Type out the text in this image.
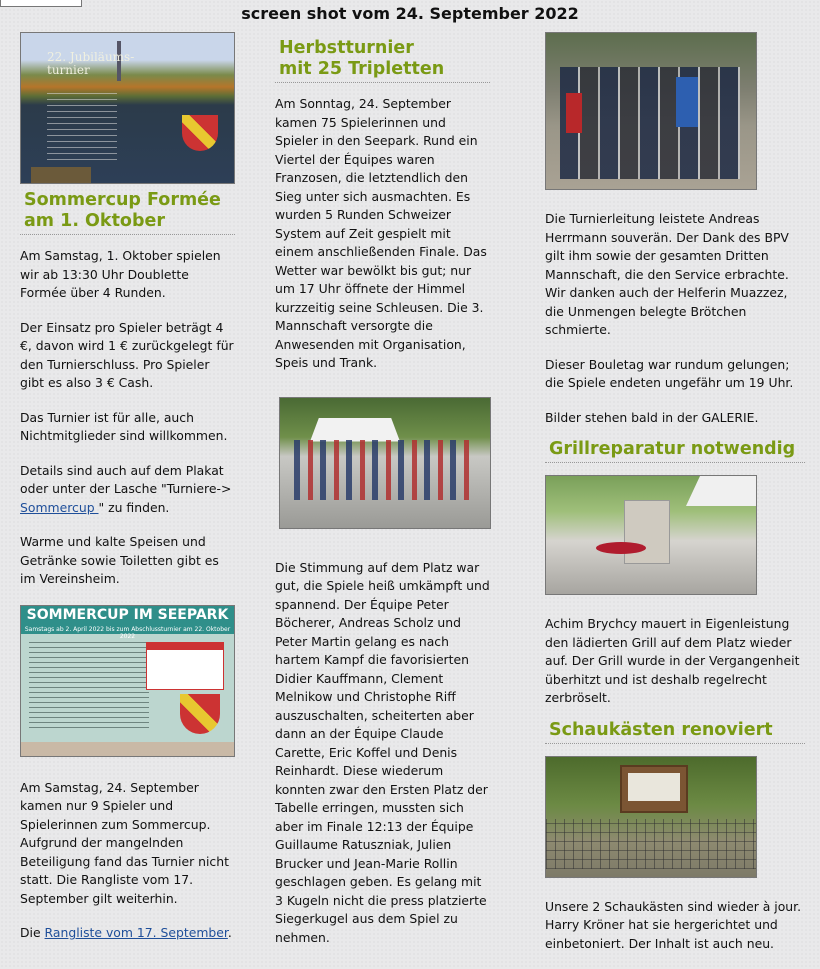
screen shot vom 24. September 2022
22. Jubiläums-
turnier
Sommercup Formée
am 1. Oktober

Am Samstag, 1. Oktober spielen wir ab 13:30 Uhr Doublette Formée über 4 Runden.

Der Einsatz pro Spieler beträgt 4 €, davon wird 1 € zurückgelegt für den Turnierschluss. Pro Spieler gibt es also 3 € Cash.

Das Turnier ist für alle, auch Nichtmitglieder sind willkommen.

Details sind auch auf dem Plakat oder unter der Lasche "Turniere-> Sommercup " zu finden.

Warme und kalte Speisen und Getränke sowie Toiletten gibt es im Vereinsheim.

SOMMERCUP IM SEEPARK
Samstags ab 2. April 2022 bis zum Abschlussturnier am 22. Oktober 2022

Am Samstag, 24. September kamen nur 9 Spieler und Spielerinnen zum Sommercup. Aufgrund der mangelnden Beteiligung fand das Turnier nicht statt. Die Rangliste vom 17. September gilt weiterhin.

Die Rangliste vom 17. September.

Herbstturnier
mit 25 Tripletten

Am Sonntag, 24. September kamen 75 Spielerinnen und Spieler in den Seepark. Rund ein Viertel der Équipes waren Franzosen, die letztendlich den Sieg unter sich ausmachten. Es wurden 5 Runden Schweizer System auf Zeit gespielt mit einem anschließenden Finale. Das Wetter war bewölkt bis gut; nur um 17 Uhr öffnete der Himmel kurzzeitig seine Schleusen. Die 3. Mannschaft versorgte die Anwesenden mit Organisation, Speis und Trank.

Die Stimmung auf dem Platz war gut, die Spiele heiß umkämpft und spannend. Der Équipe Peter Böcherer, Andreas Scholz und Peter Martin gelang es nach hartem Kampf die favorisierten Didier Kauffmann, Clement Melnikow und Christophe Riff auszuschalten, scheiterten aber dann an der Équipe Claude Carette, Eric Koffel und Denis Reinhardt. Diese wiederum konnten zwar den Ersten Platz der Tabelle erringen, mussten sich aber im Finale 12:13 der Équipe Guillaume Ratuszniak, Julien Brucker und Jean-Marie Rollin geschlagen geben. Es gelang mit 3 Kugeln nicht die press platzierte Siegerkugel aus dem Spiel zu nehmen.

Die Turnierleitung leistete Andreas Herrmann souverän. Der Dank des BPV gilt ihm sowie der gesamten Dritten Mannschaft, die den Service erbrachte. Wir danken auch der Helferin Muazzez, die Unmengen belegte Brötchen schmierte.

Dieser Bouletag war rundum gelungen; die Spiele endeten ungefähr um 19 Uhr.

Bilder stehen bald in der GALERIE.

Grillreparatur notwendig

Achim Brychcy mauert in Eigenleistung den lädierten Grill auf dem Platz wieder auf. Der Grill wurde in der Vergangenheit überhitzt und ist deshalb regelrecht zerbröselt.

Schaukästen renoviert

Unsere 2 Schaukästen sind wieder à jour. Harry Kröner hat sie hergerichtet und einbetoniert. Der Inhalt ist auch neu.
